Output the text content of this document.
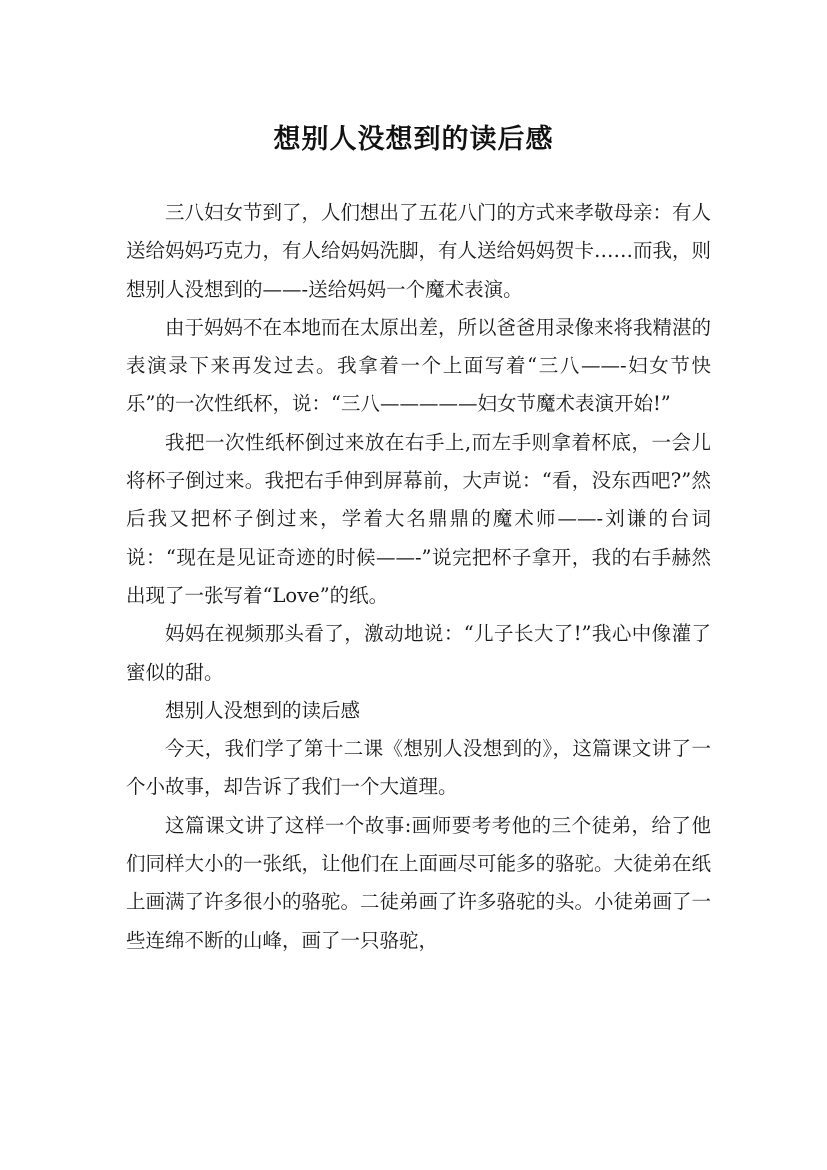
想别人没想到的读后感

三八妇女节到了，人们想出了五花八门的方式来孝敬母亲：有人送给妈妈巧克力，有人给妈妈洗脚，有人送给妈妈贺卡……而我，则想别人没想到的——-送给妈妈一个魔术表演。

由于妈妈不在本地而在太原出差，所以爸爸用录像来将我精湛的表演录下来再发过去。我拿着一个上面写着“三八——-妇女节快乐”的一次性纸杯，说：“三八—————妇女节魔术表演开始!”

我把一次性纸杯倒过来放在右手上,而左手则拿着杯底，一会儿将杯子倒过来。我把右手伸到屏幕前，大声说：“看，没东西吧?”然后我又把杯子倒过来，学着大名鼎鼎的魔术师——-刘谦的台词说：“现在是见证奇迹的时候——-”说完把杯子拿开，我的右手赫然出现了一张写着“Love”的纸。

妈妈在视频那头看了，激动地说：“儿子长大了!”我心中像灌了蜜似的甜。

想别人没想到的读后感

今天，我们学了第十二课《想别人没想到的》，这篇课文讲了一个小故事，却告诉了我们一个大道理。

这篇课文讲了这样一个故事:画师要考考他的三个徒弟，给了他们同样大小的一张纸，让他们在上面画尽可能多的骆驼。大徒弟在纸上画满了许多很小的骆驼。二徒弟画了许多骆驼的头。小徒弟画了一些连绵不断的山峰，画了一只骆驼，
